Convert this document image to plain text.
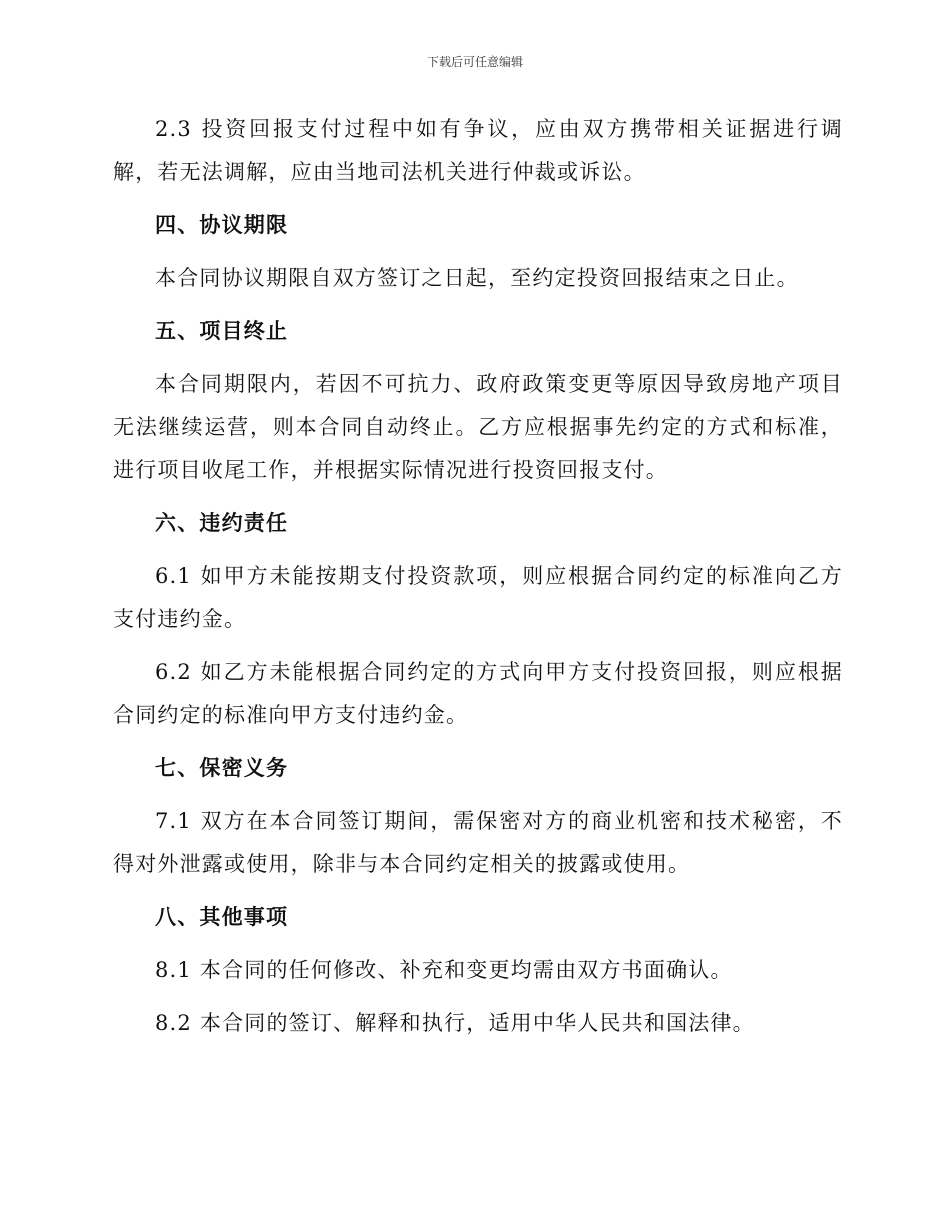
下载后可任意编辑

2.3 投资回报支付过程中如有争议，应由双方携带相关证据进行调解，若无法调解，应由当地司法机关进行仲裁或诉讼。

四、协议期限

本合同协议期限自双方签订之日起，至约定投资回报结束之日止。

五、项目终止

本合同期限内，若因不可抗力、政府政策变更等原因导致房地产项目无法继续运营，则本合同自动终止。乙方应根据事先约定的方式和标准，进行项目收尾工作，并根据实际情况进行投资回报支付。

六、违约责任

6.1 如甲方未能按期支付投资款项，则应根据合同约定的标准向乙方支付违约金。

6.2 如乙方未能根据合同约定的方式向甲方支付投资回报，则应根据合同约定的标准向甲方支付违约金。

七、保密义务

7.1 双方在本合同签订期间，需保密对方的商业机密和技术秘密，不得对外泄露或使用，除非与本合同约定相关的披露或使用。

八、其他事项

8.1 本合同的任何修改、补充和变更均需由双方书面确认。

8.2 本合同的签订、解释和执行，适用中华人民共和国法律。
